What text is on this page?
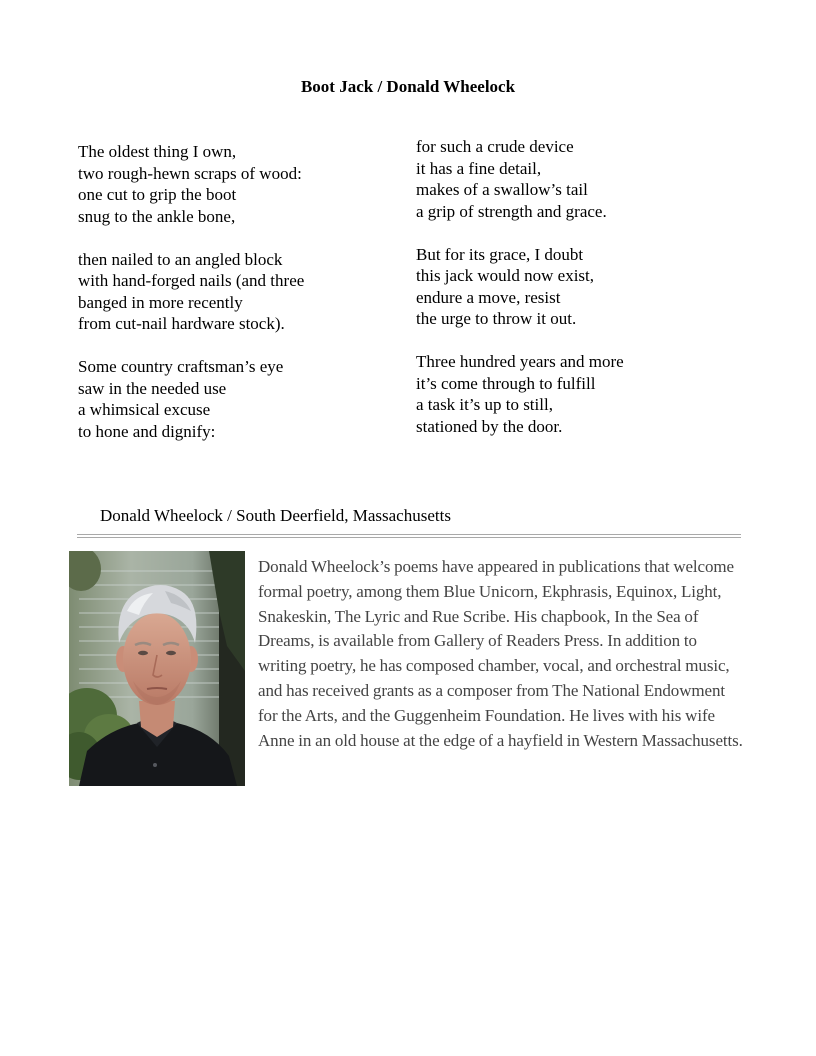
Boot Jack / Donald Wheelock
The oldest thing I own,
two rough-hewn scraps of wood:
one cut to grip the boot
snug to the ankle bone,
then nailed to an angled block
with hand-forged nails (and three
banged in more recently
from cut-nail hardware stock).
Some country craftsman’s eye
saw in the needed use
a whimsical excuse
to hone and dignify:
for such a crude device
it has a fine detail,
makes of a swallow’s tail
a grip of strength and grace.
But for its grace, I doubt
this jack would now exist,
endure a move, resist
the urge to throw it out.
Three hundred years and more
it’s come through to fulfill
a task it’s up to still,
stationed by the door.
Donald Wheelock / South Deerfield, Massachusetts
Donald Wheelock’s poems have appeared in publications that welcome formal poetry, among them Blue Unicorn, Ekphrasis, Equinox, Light, Snakeskin, The Lyric and Rue Scribe. His chapbook, In the Sea of Dreams, is available from Gallery of Readers Press. In addition to writing poetry, he has composed chamber, vocal, and orchestral music, and has received grants as a composer from The National Endowment for the Arts, and the Guggenheim Foundation. He lives with his wife Anne in an old house at the edge of a hayfield in Western Massachusetts.
